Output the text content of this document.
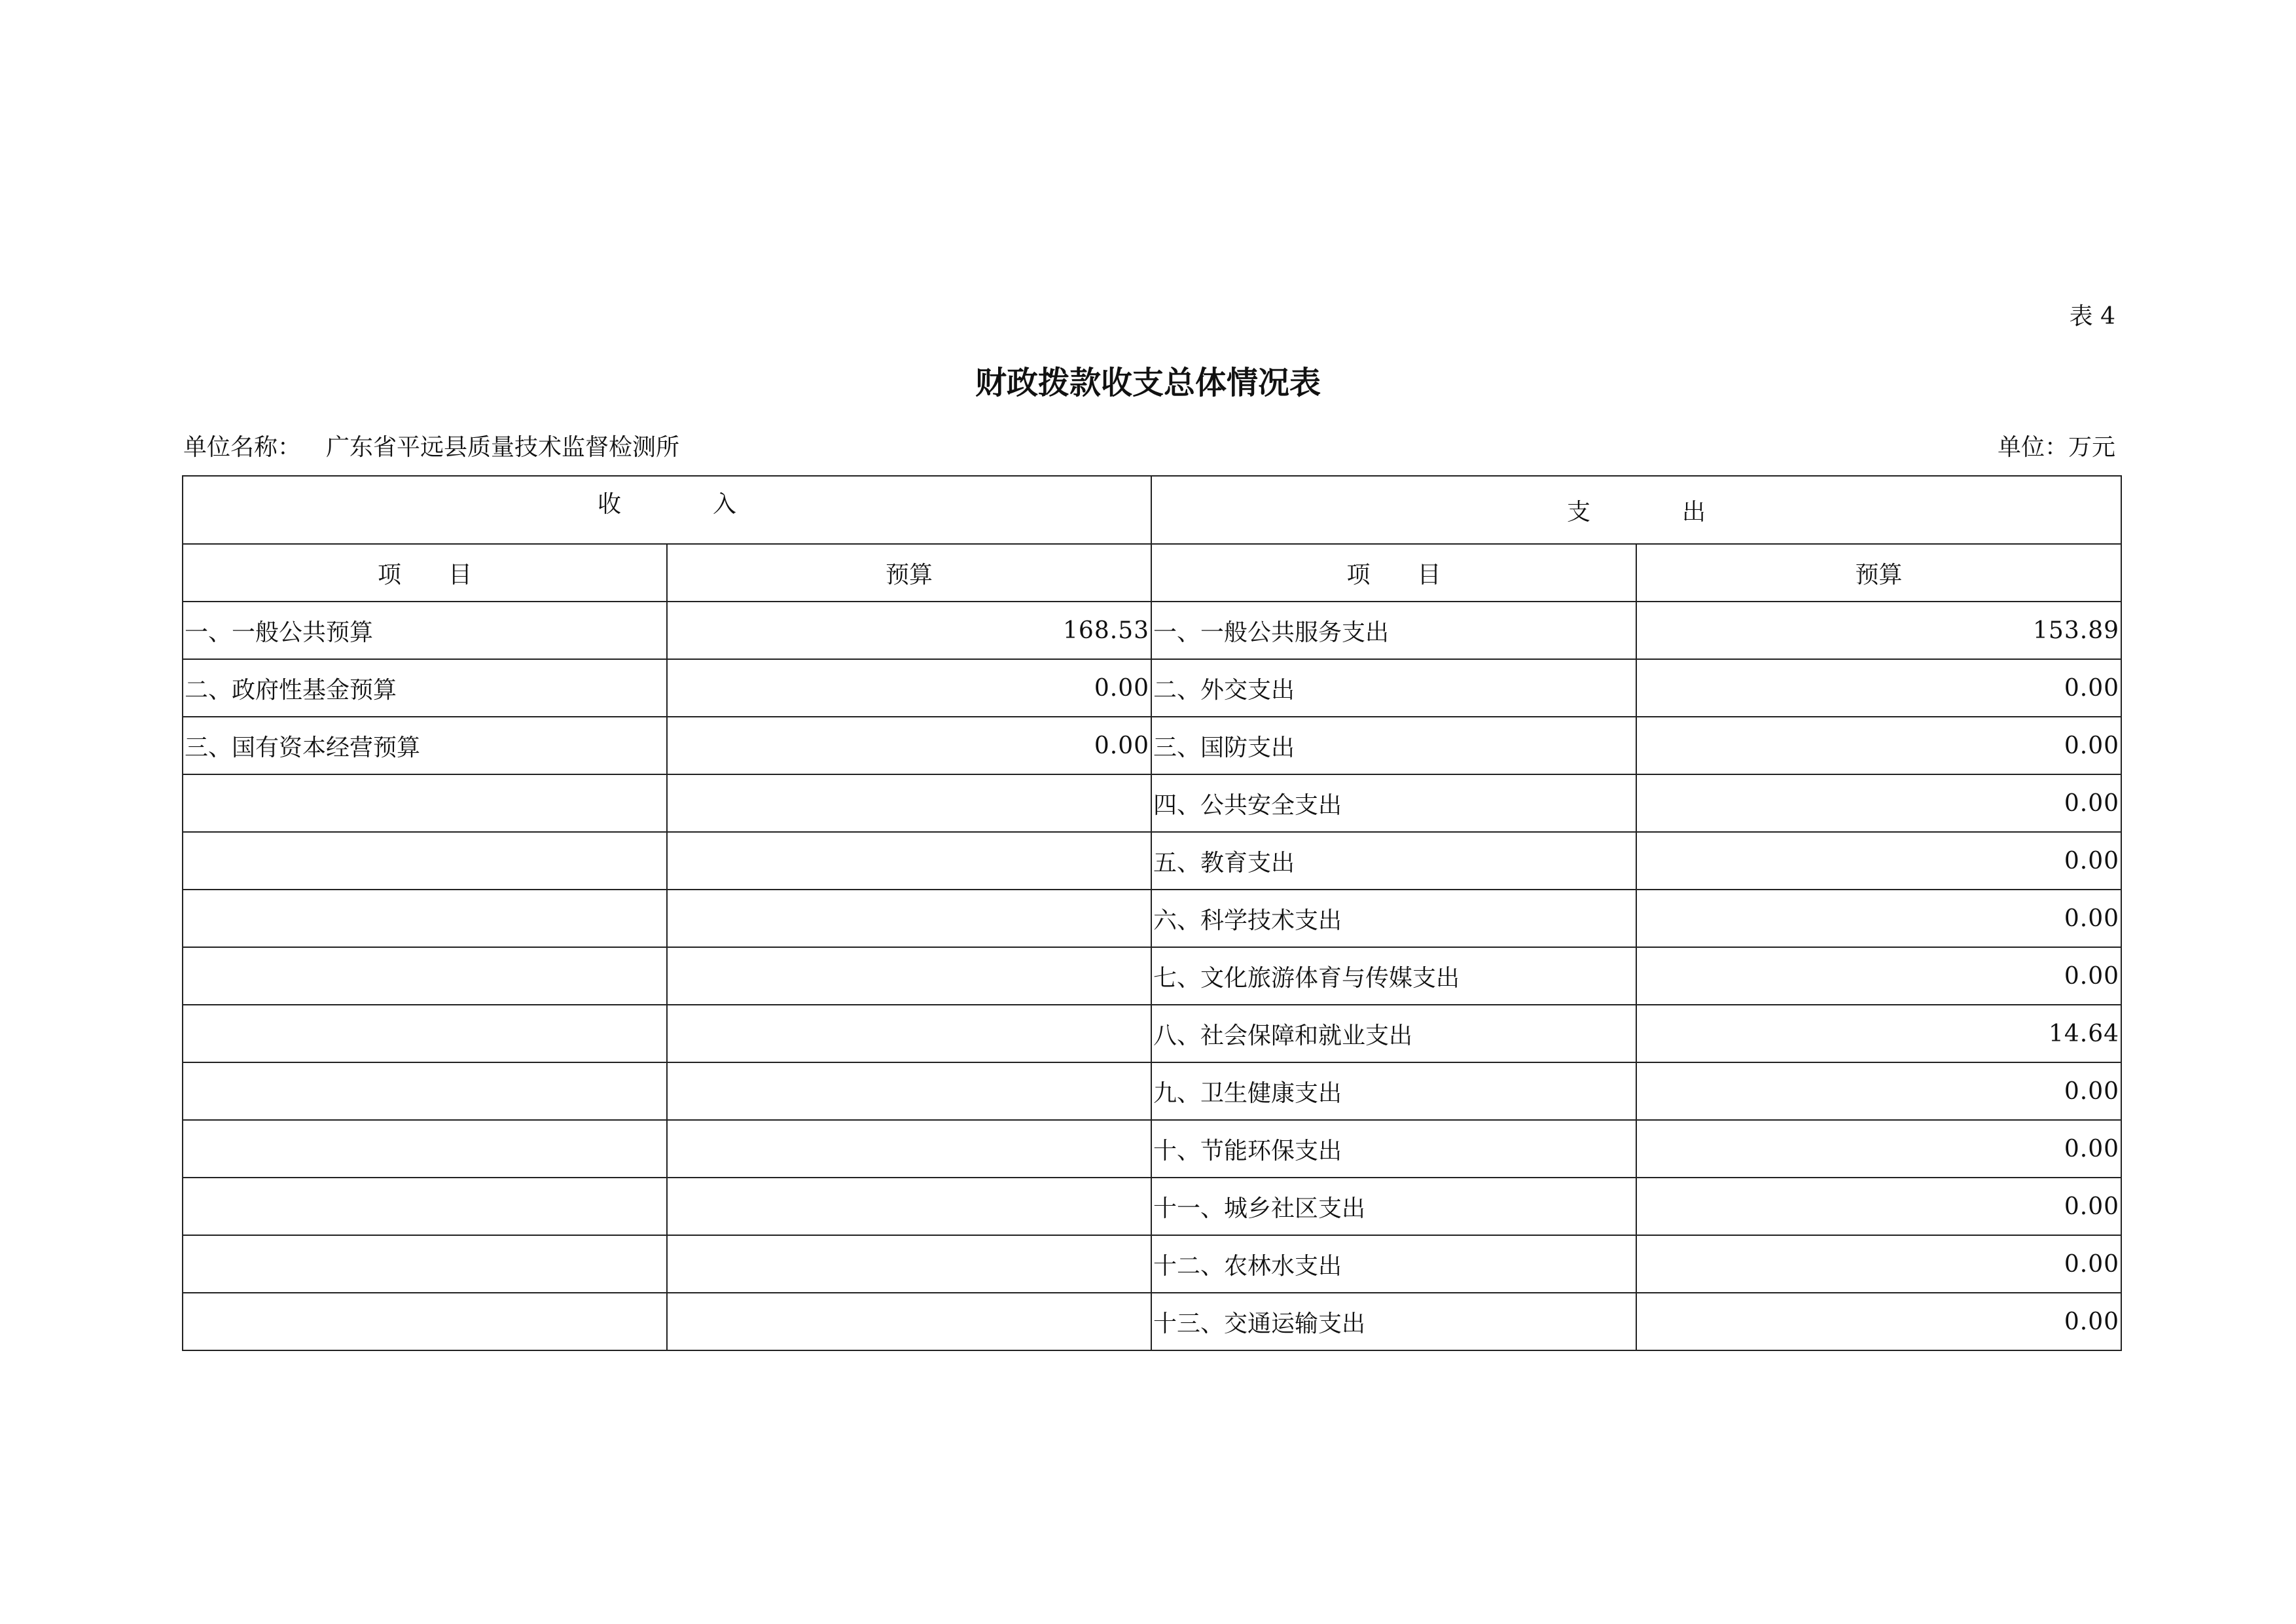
表 4
财政拨款收支总体情况表
单位名称： 广东省平远县质量技术监督检测所	单位：万元
收 入		支 出	
项 目	预算	项 目	预算
一、一般公共预算	168.53	一、一般公共服务支出	153.89
二、政府性基金预算	0.00	二、外交支出	0.00
三、国有资本经营预算	0.00	三、国防支出	0.00
		四、公共安全支出	0.00
		五、教育支出	0.00
		六、科学技术支出	0.00
		七、文化旅游体育与传媒支出	0.00
		八、社会保障和就业支出	14.64
		九、卫生健康支出	0.00
		十、节能环保支出	0.00
		十一、城乡社区支出	0.00
		十二、农林水支出	0.00
		十三、交通运输支出	0.00
